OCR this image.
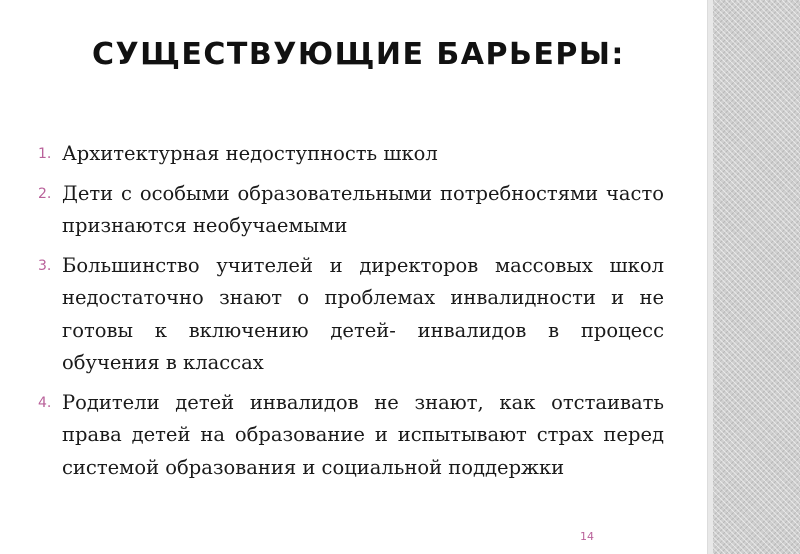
СУЩЕСТВУЮЩИЕ БАРЬЕРЫ:
1. Архитектурная недоступность школ
2. Дети с особыми образовательными потребностями часто признаются необучаемыми
3. Большинство учителей и директоров массовых школ недостаточно знают о проблемах инвалидности и не готовы к включению детей- инвалидов в процесс обучения в классах
4. Родители детей инвалидов не знают, как отстаивать права детей на образование и испытывают страх перед системой образования и социальной поддержки
14
